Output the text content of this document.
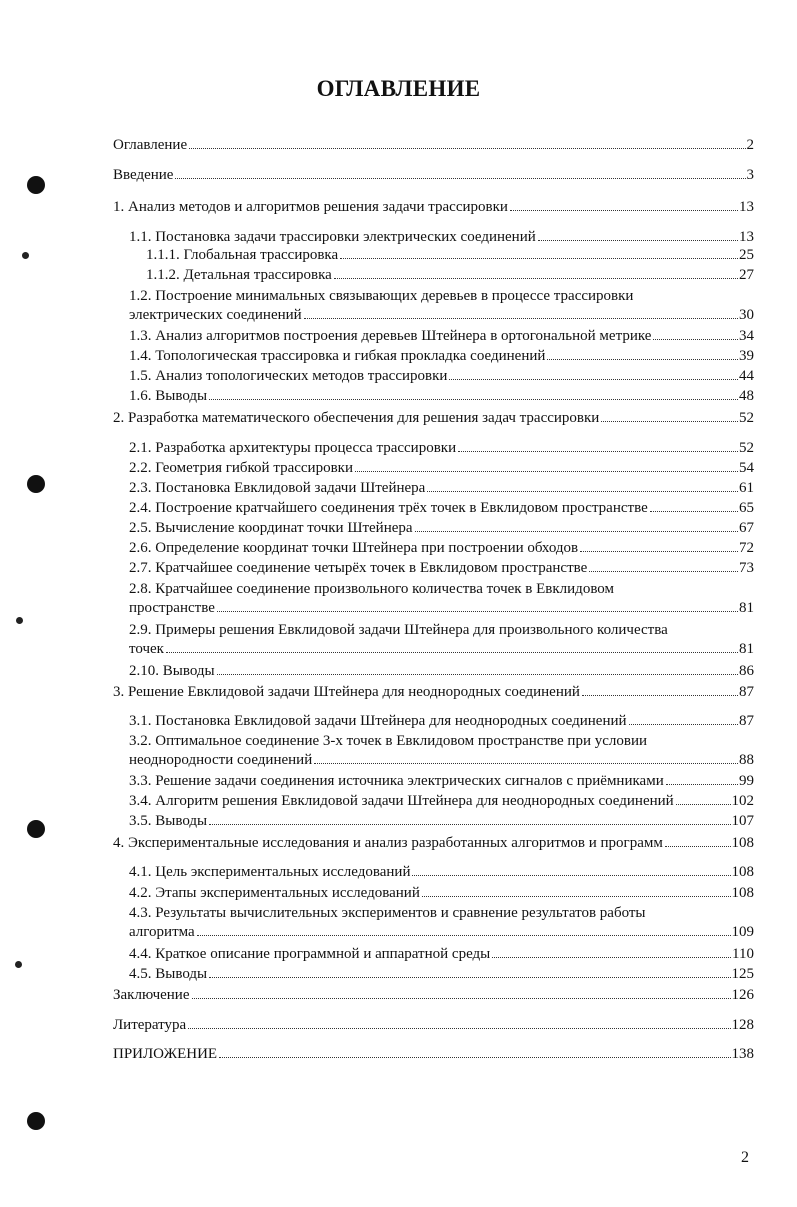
ОГЛАВЛЕНИЕ
Оглавление	2
Введение	3
1. Анализ методов и алгоритмов решения задачи трассировки	13
1.1. Постановка задачи трассировки электрических соединений	13
1.1.1. Глобальная трассировка	25
1.1.2. Детальная трассировка	27
1.2. Построение минимальных связывающих деревьев в процессе трассировки
электрических соединений	30
1.3. Анализ алгоритмов построения деревьев Штейнера в ортогональной метрике	34
1.4. Топологическая трассировка и гибкая прокладка соединений	39
1.5. Анализ топологических методов трассировки	44
1.6. Выводы	48
2. Разработка математического обеспечения для решения задач трассировки	52
2.1. Разработка архитектуры процесса трассировки	52
2.2. Геометрия гибкой трассировки	54
2.3. Постановка Евклидовой задачи Штейнера	61
2.4. Построение кратчайшего соединения трёх точек в Евклидовом пространстве	65
2.5. Вычисление координат точки Штейнера	67
2.6. Определение координат точки Штейнера при построении обходов	72
2.7. Кратчайшее соединение четырёх точек в Евклидовом пространстве	73
2.8. Кратчайшее соединение произвольного количества точек в Евклидовом
пространстве	81
2.9. Примеры решения Евклидовой задачи Штейнера для произвольного количества
точек	81
2.10. Выводы	86
3. Решение Евклидовой задачи Штейнера для неоднородных соединений	87
3.1. Постановка Евклидовой задачи Штейнера для неоднородных соединений	87
3.2. Оптимальное соединение 3-х точек в Евклидовом пространстве при условии
неоднородности соединений	88
3.3. Решение задачи соединения источника электрических сигналов с приёмниками	99
3.4. Алгоритм решения Евклидовой задачи Штейнера для неоднородных соединений	102
3.5. Выводы	107
4. Экспериментальные исследования и анализ разработанных алгоритмов и программ	108
4.1. Цель экспериментальных исследований	108
4.2. Этапы экспериментальных исследований	108
4.3. Результаты вычислительных экспериментов и сравнение результатов работы
алгоритма	109
4.4. Краткое описание программной и аппаратной среды	110
4.5. Выводы	125
Заключение	126
Литература	128
ПРИЛОЖЕНИЕ	138
2
